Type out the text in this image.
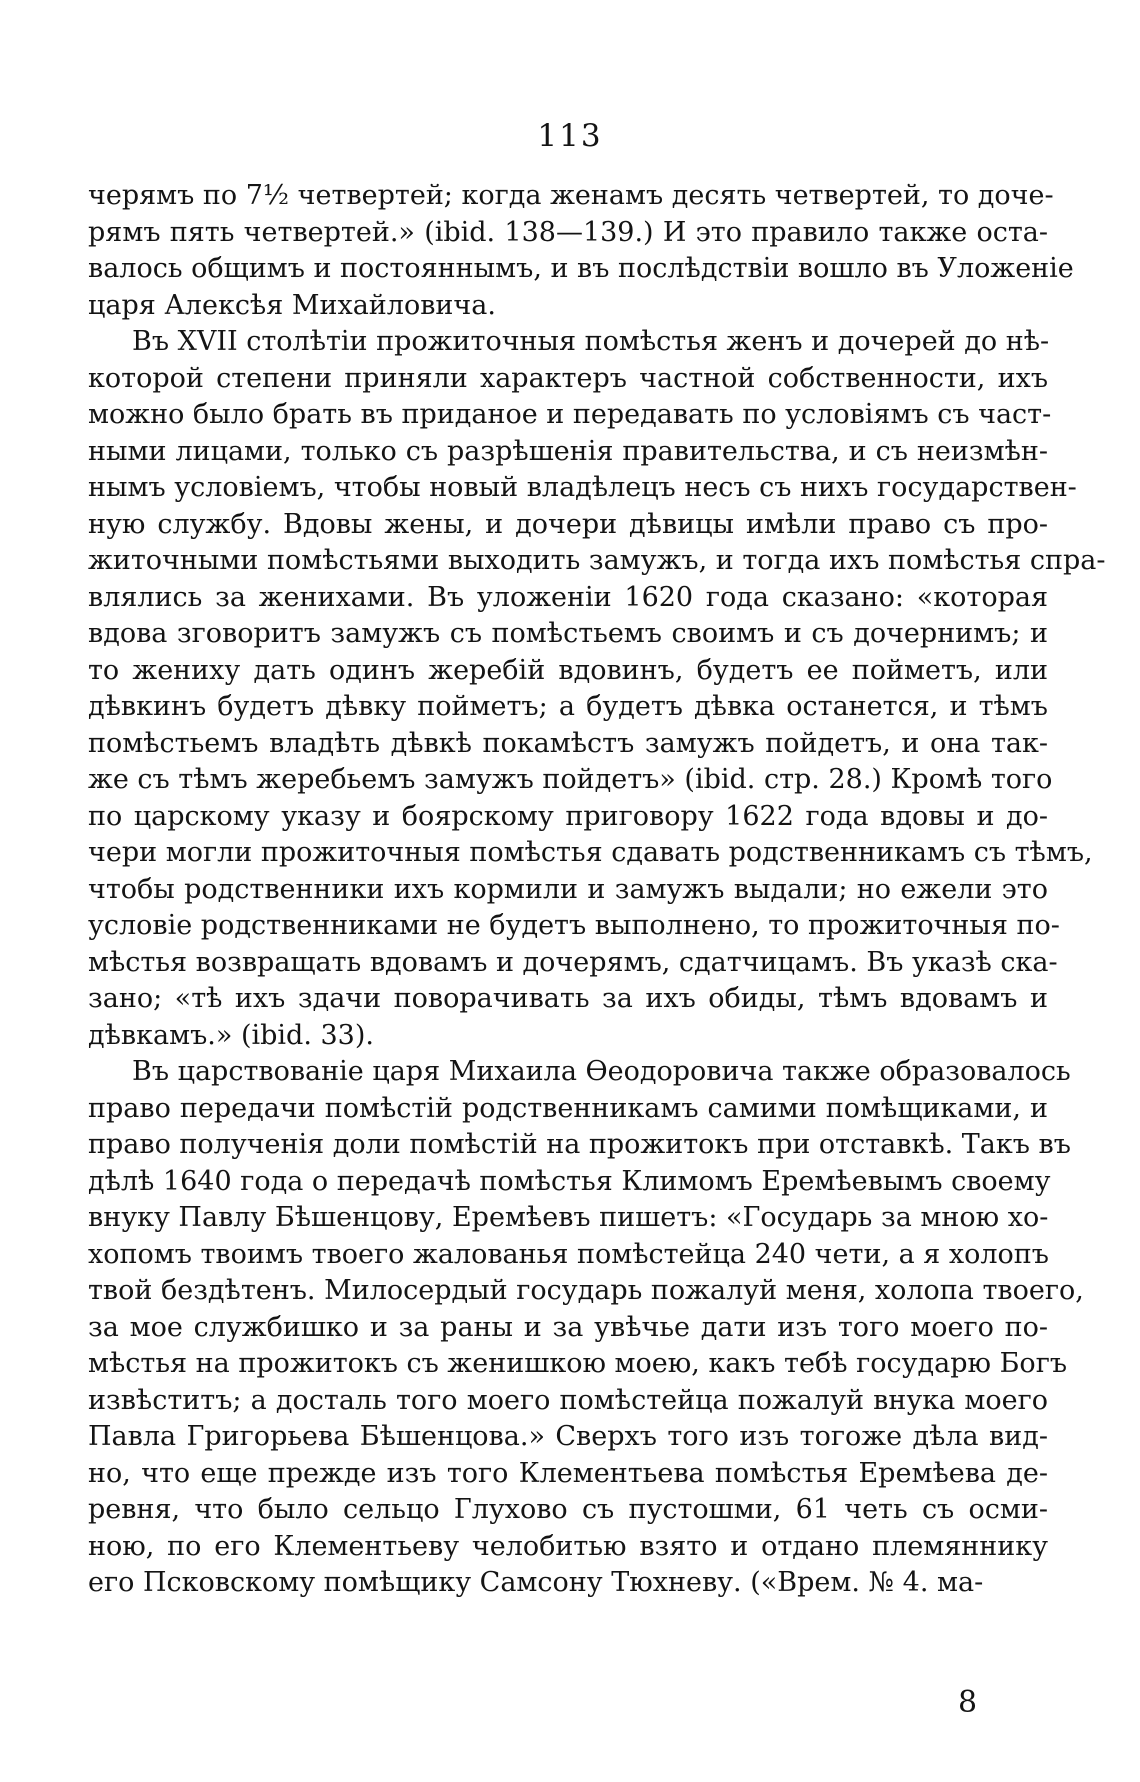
113
черямъ по 7½ четвертей; когда женамъ десять четвертей, то доче-
рямъ пять четвертей.» (ibid. 138—139.) И это правило также оста-
валось общимъ и постояннымъ, и въ послѣдствіи вошло въ Уложеніе
царя Алексѣя Михайловича.
Въ XVII столѣтіи прожиточныя помѣстья женъ и дочерей до нѣ-
которой степени приняли характеръ частной собственности, ихъ
можно было брать въ приданое и передавать по условіямъ съ част-
ными лицами, только съ разрѣшенія правительства, и съ неизмѣн-
нымъ условіемъ, чтобы новый владѣлецъ несъ съ нихъ государствен-
ную службу. Вдовы жены, и дочери дѣвицы имѣли право съ про-
житочными помѣстьями выходить замужъ, и тогда ихъ помѣстья спра-
влялись за женихами. Въ уложеніи 1620 года сказано: «которая
вдова зговоритъ замужъ съ помѣстьемъ своимъ и съ дочернимъ; и
то жениху дать одинъ жеребій вдовинъ, будетъ ее пойметъ, или
дѣвкинъ будетъ дѣвку пойметъ; а будетъ дѣвка останется, и тѣмъ
помѣстьемъ владѣть дѣвкѣ покамѣстъ замужъ пойдетъ, и она так-
же съ тѣмъ жеребьемъ замужъ пойдетъ» (ibid. стр. 28.) Кромѣ того
по царскому указу и боярскому приговору 1622 года вдовы и до-
чери могли прожиточныя помѣстья сдавать родственникамъ съ тѣмъ,
чтобы родственники ихъ кормили и замужъ выдали; но ежели это
условіе родственниками не будетъ выполнено, то прожиточныя по-
мѣстья возвращать вдовамъ и дочерямъ, сдатчицамъ. Въ указѣ ска-
зано; «тѣ ихъ здачи поворачивать за ихъ обиды, тѣмъ вдовамъ и
дѣвкамъ.» (ibid. 33).
Въ царствованіе царя Михаила Ѳеодоровича также образовалось
право передачи помѣстій родственникамъ самими помѣщиками, и
право полученія доли помѣстій на прожитокъ при отставкѣ. Такъ въ
дѣлѣ 1640 года о передачѣ помѣстья Климомъ Еремѣевымъ своему
внуку Павлу Бѣшенцову, Еремѣевъ пишетъ: «Государь за мною хо-
хопомъ твоимъ твоего жалованья помѣстейца 240 чети, а я холопъ
твой бездѣтенъ. Милосердый государь пожалуй меня, холопа твоего,
за мое службишко и за раны и за увѣчье дати изъ того моего по-
мѣстья на прожитокъ съ женишкою моею, какъ тебѣ государю Богъ
извѣститъ; а досталь того моего помѣстейца пожалуй внука моего
Павла Григорьева Бѣшенцова.» Сверхъ того изъ тогоже дѣла вид-
но, что еще прежде изъ того Клементьева помѣстья Еремѣева де-
ревня, что было сельцо Глухово съ пустошми, 61 четь съ осми-
ною, по его Клементьеву челобитью взято и отдано племяннику
его Псковскому помѣщику Самсону Тюхневу. («Врем. № 4. ма-
8
